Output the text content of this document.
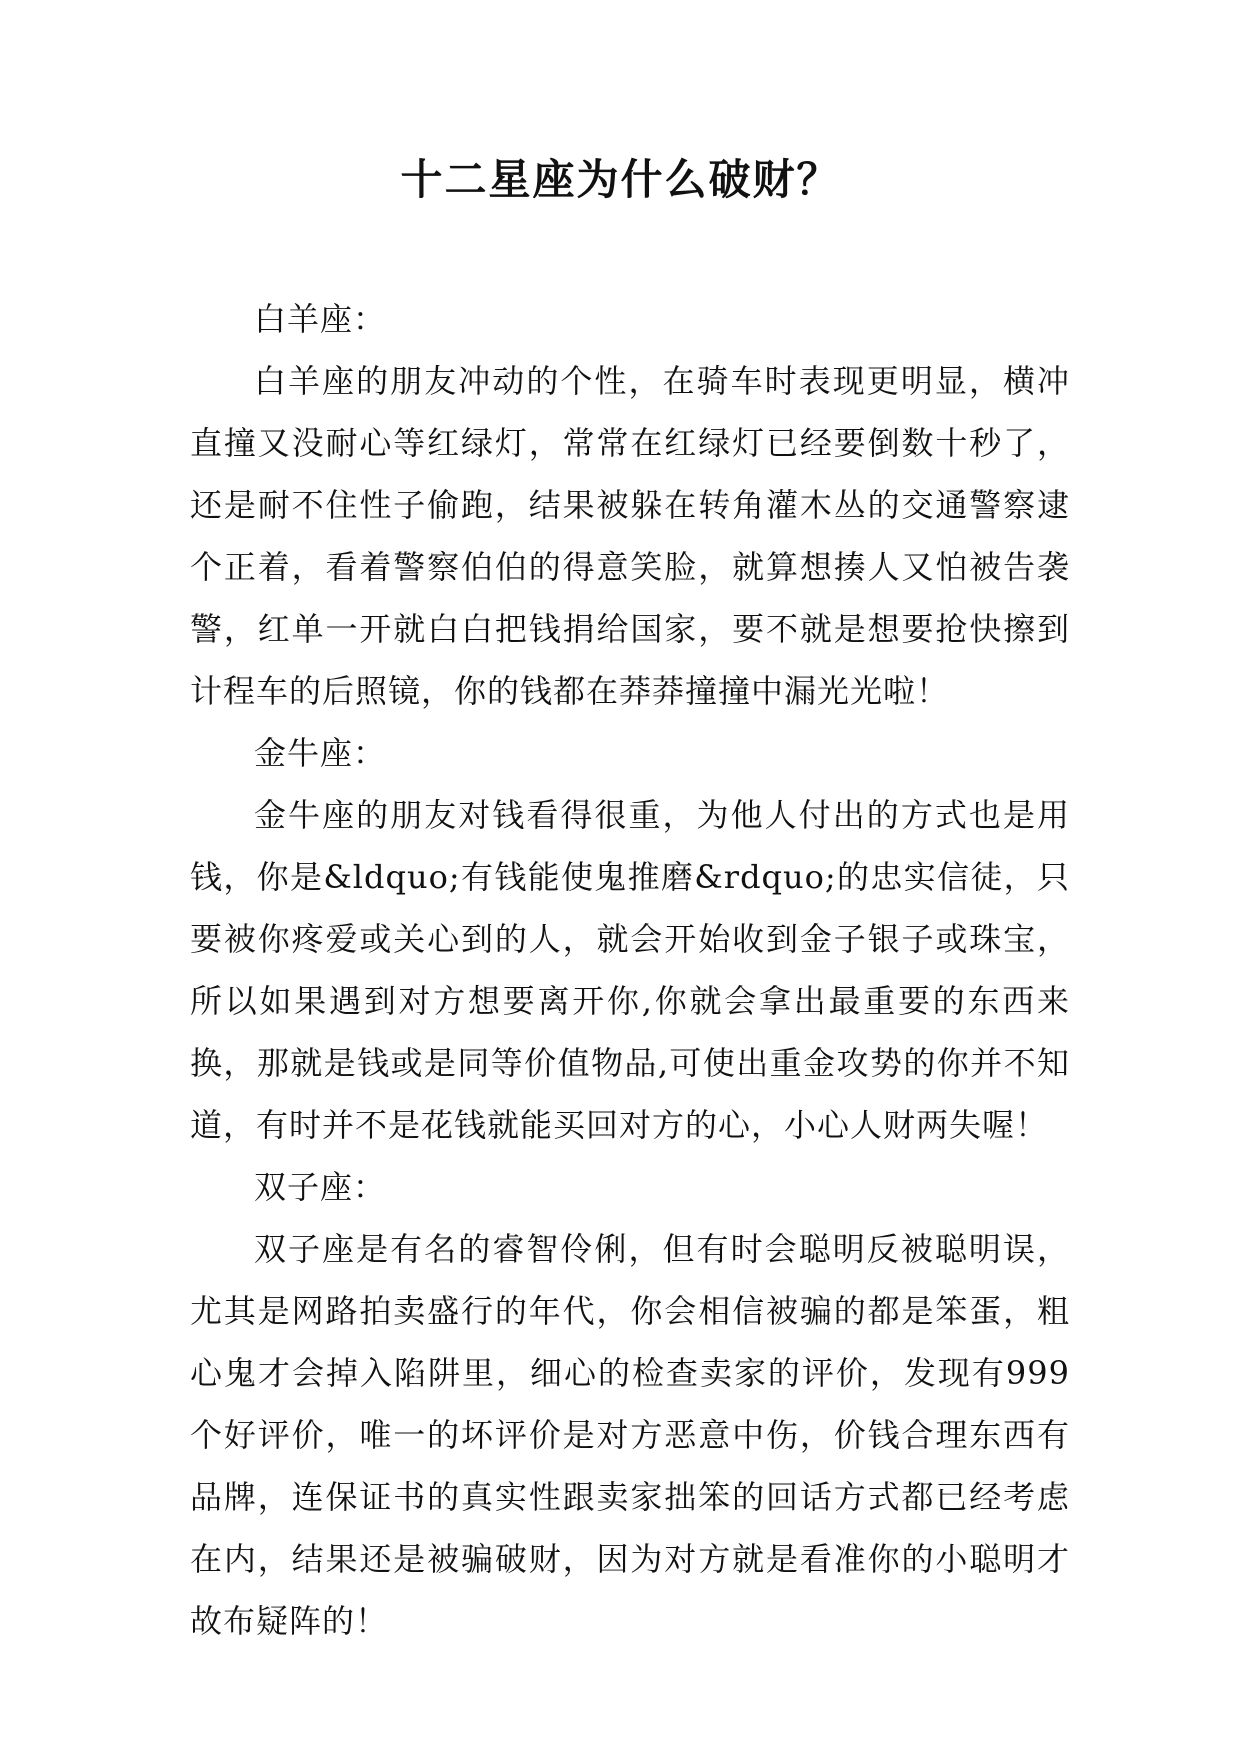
十二星座为什么破财？

白羊座：

白羊座的朋友冲动的个性，在骑车时表现更明显，横冲直撞又没耐心等红绿灯，常常在红绿灯已经要倒数十秒了，还是耐不住性子偷跑，结果被躲在转角灌木丛的交通警察逮个正着，看着警察伯伯的得意笑脸，就算想揍人又怕被告袭警，红单一开就白白把钱捐给国家，要不就是想要抢快擦到计程车的后照镜，你的钱都在莽莽撞撞中漏光光啦！

金牛座：

金牛座的朋友对钱看得很重，为他人付出的方式也是用钱，你是&ldquo;有钱能使鬼推磨&rdquo;的忠实信徒，只要被你疼爱或关心到的人，就会开始收到金子银子或珠宝，所以如果遇到对方想要离开你,你就会拿出最重要的东西来换，那就是钱或是同等价值物品,可使出重金攻势的你并不知道，有时并不是花钱就能买回对方的心，小心人财两失喔！

双子座：

双子座是有名的睿智伶俐，但有时会聪明反被聪明误，尤其是网路拍卖盛行的年代，你会相信被骗的都是笨蛋，粗心鬼才会掉入陷阱里，细心的检查卖家的评价，发现有999个好评价，唯一的坏评价是对方恶意中伤，价钱合理东西有品牌，连保证书的真实性跟卖家拙笨的回话方式都已经考虑在内，结果还是被骗破财，因为对方就是看准你的小聪明才故布疑阵的！
